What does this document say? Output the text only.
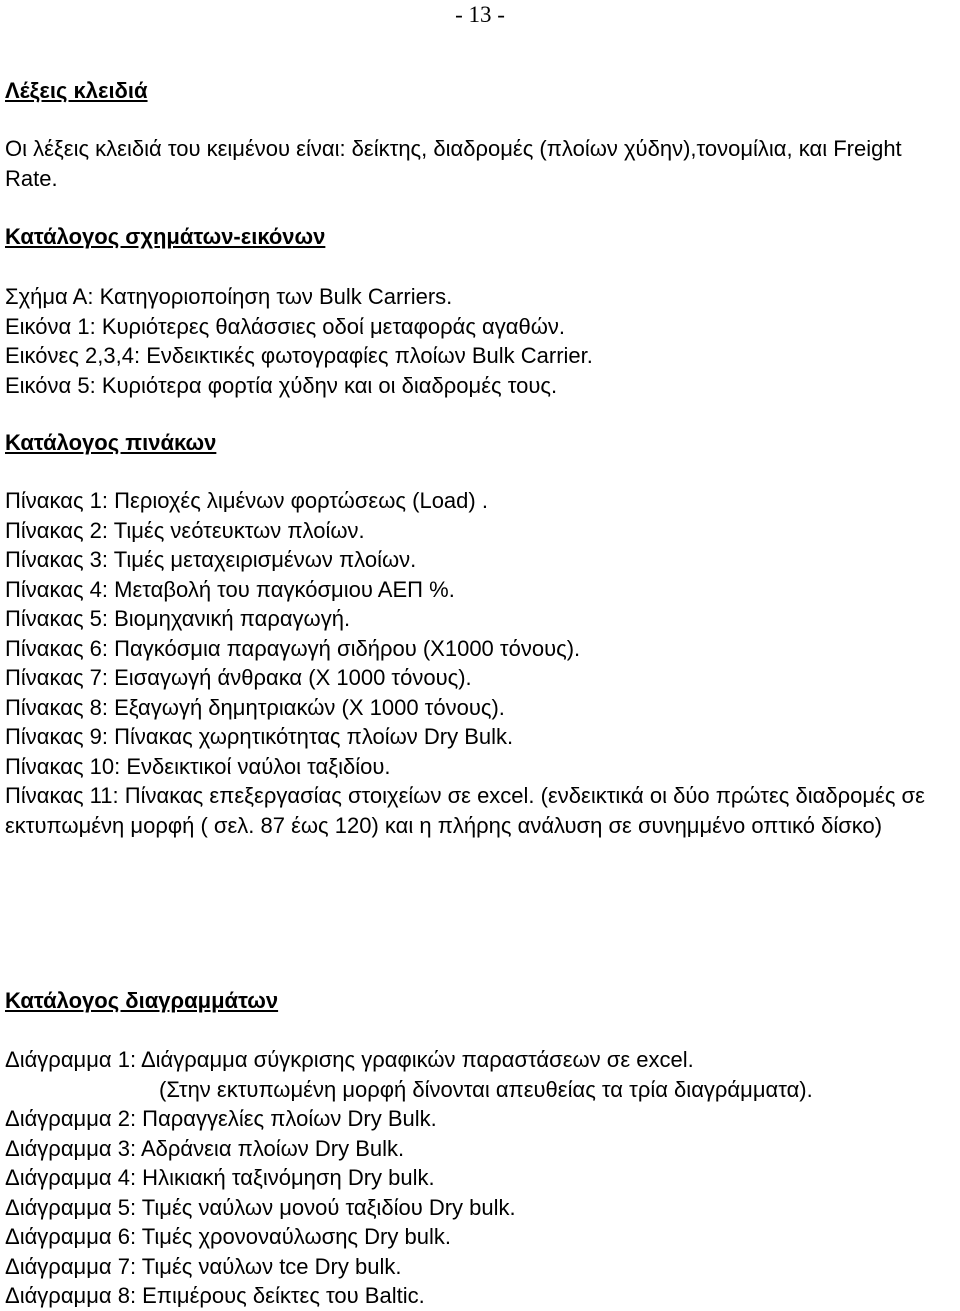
- 13 -
Λέξεις κλειδιά

Οι λέξεις κλειδιά του κειμένου είναι: δείκτης, διαδρομές (πλοίων χύδην),τονομίλια, και Freight Rate.

Κατάλογος σχημάτων-εικόνων
Σχήμα Α: Κατηγοριοποίηση των Bulk Carriers.
Εικόνα 1: Κυριότερες θαλάσσιες οδοί μεταφοράς αγαθών.
Εικόνες 2,3,4: Ενδεικτικές φωτογραφίες πλοίων Bulk Carrier.
Εικόνα 5: Κυριότερα φορτία χύδην και οι διαδρομές τους.
Κατάλογος πινάκων
Πίνακας 1: Περιοχές λιμένων φορτώσεως (Load) .
Πίνακας 2: Τιμές νεότευκτων πλοίων.
Πίνακας 3: Τιμές μεταχειρισμένων πλοίων.
Πίνακας 4: Μεταβολή του παγκόσμιου ΑΕΠ %.
Πίνακας 5: Βιομηχανική παραγωγή.
Πίνακας 6: Παγκόσμια παραγωγή σιδήρου (Χ1000 τόνους).
Πίνακας 7: Εισαγωγή άνθρακα (Χ 1000 τόνους).
Πίνακας 8: Εξαγωγή δημητριακών (Χ 1000 τόνους).
Πίνακας 9: Πίνακας χωρητικότητας πλοίων Dry Bulk.
Πίνακας 10: Ενδεικτικοί ναύλοι ταξιδίου.
Πίνακας 11: Πίνακας επεξεργασίας στοιχείων σε excel. (ενδεικτικά οι δύο πρώτες διαδρομές σε εκτυπωμένη μορφή ( σελ. 87 έως 120) και η πλήρης ανάλυση σε συνημμένο οπτικό δίσκο)
Κατάλογος διαγραμμάτων
Διάγραμμα 1: Διάγραμμα σύγκρισης γραφικών παραστάσεων σε excel.
(Στην εκτυπωμένη μορφή δίνονται απευθείας τα τρία διαγράμματα).
Διάγραμμα 2: Παραγγελίες πλοίων Dry Bulk.
Διάγραμμα 3: Αδράνεια πλοίων Dry Bulk.
Διάγραμμα 4: Ηλικιακή ταξινόμηση Dry bulk.
Διάγραμμα 5: Τιμές ναύλων μονού ταξιδίου Dry bulk.
Διάγραμμα 6: Τιμές χρονοναύλωσης Dry bulk.
Διάγραμμα 7: Τιμές ναύλων tce Dry bulk.
Διάγραμμα 8: Επιμέρους δείκτες του Baltic.
